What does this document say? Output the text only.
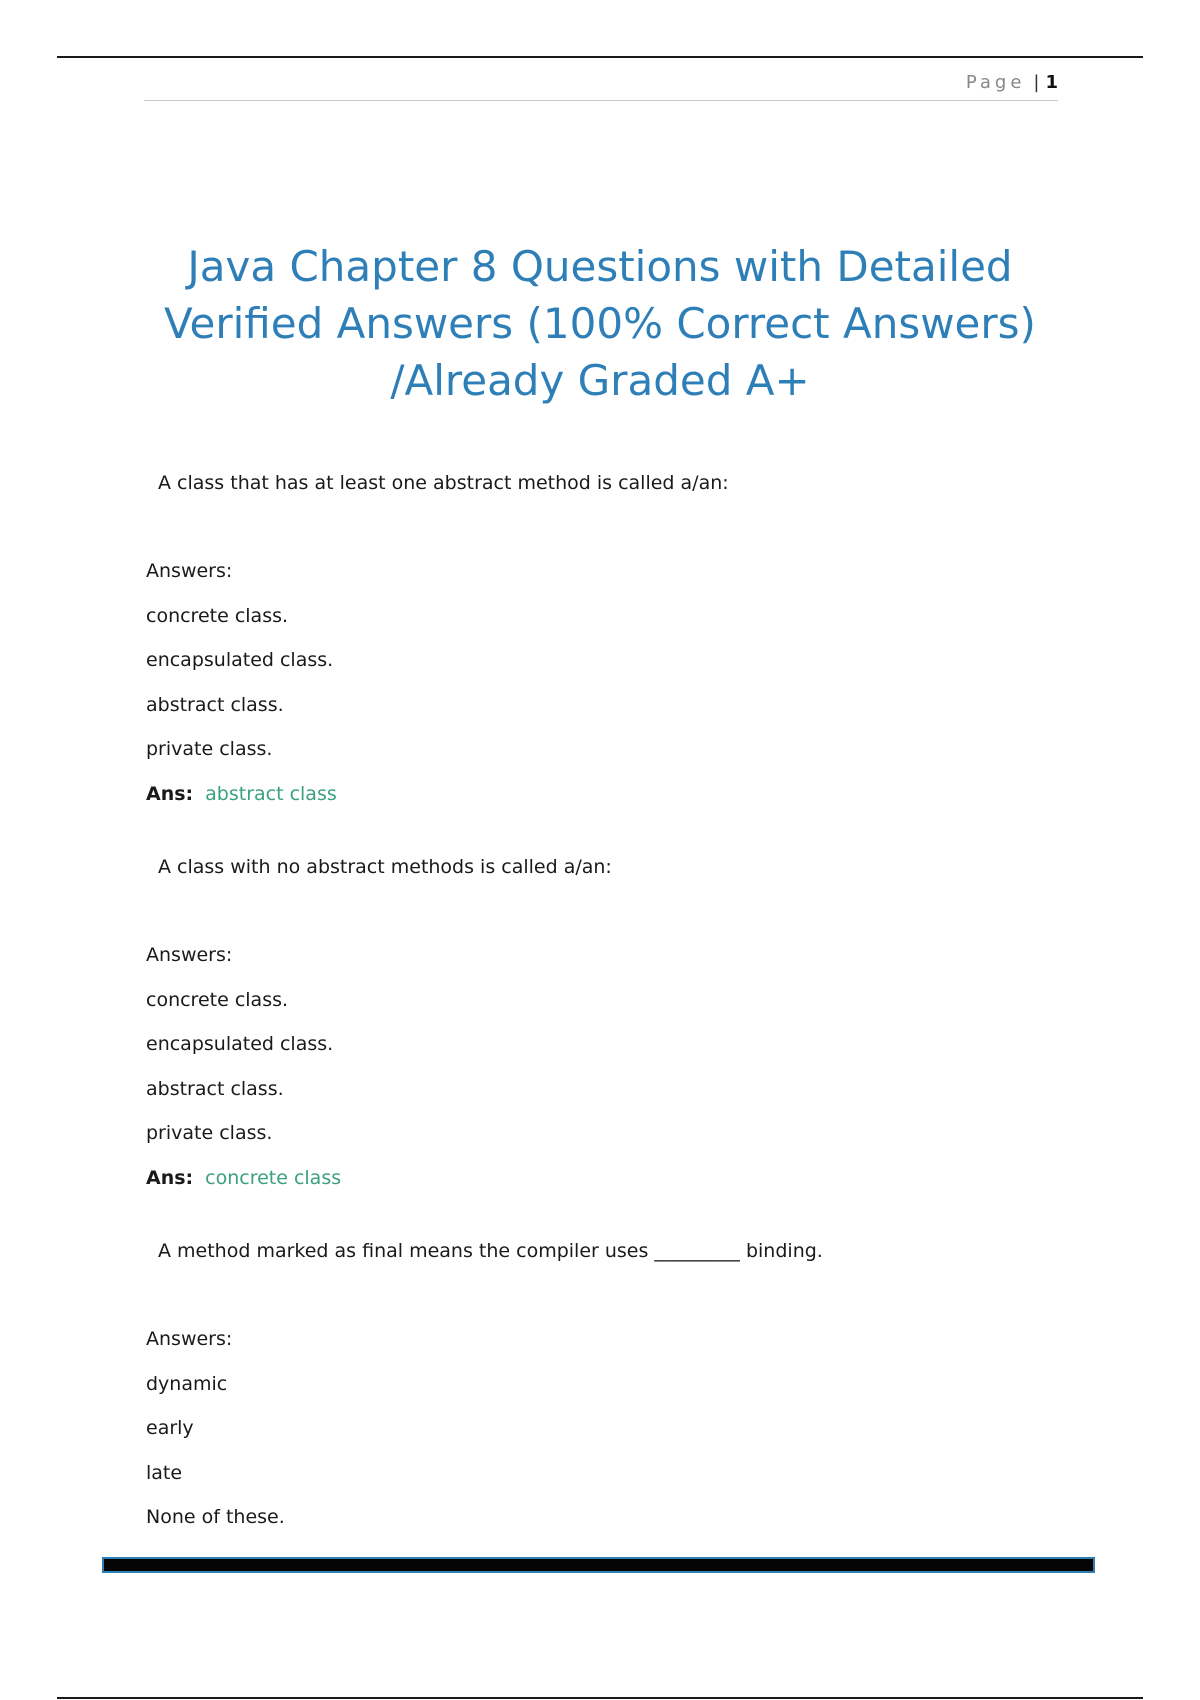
Page | 1
Java Chapter 8 Questions with Detailed Verified Answers (100% Correct Answers) /Already Graded A+
A class that has at least one abstract method is called a/an:
Answers:
concrete class.
encapsulated class.
abstract class.
private class.
Ans: abstract class
A class with no abstract methods is called a/an:
Answers:
concrete class.
encapsulated class.
abstract class.
private class.
Ans: concrete class
A method marked as final means the compiler uses _________ binding.
Answers:
dynamic
early
late
None of these.
